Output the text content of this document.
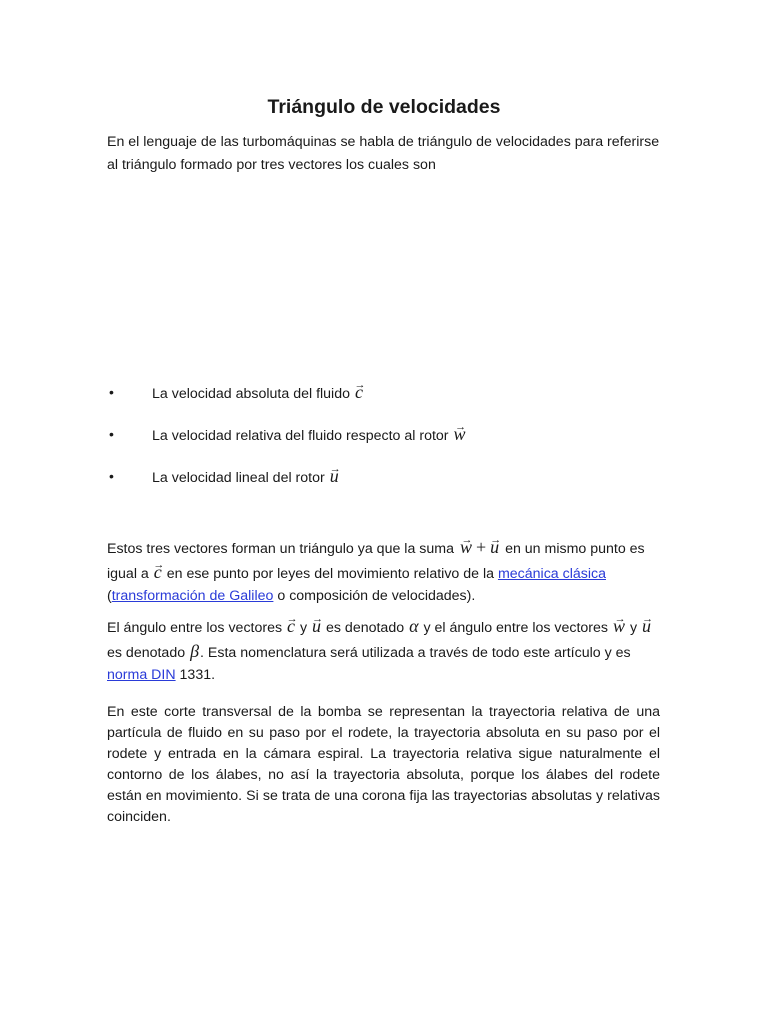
Triángulo de velocidades
En el lenguaje de las turbomáquinas se habla de triángulo de velocidades para referirse al triángulo formado por tres vectores los cuales son
•	La velocidad absoluta del fluido → c
•	La velocidad relativa del fluido respecto al rotor → w
•	La velocidad lineal del rotor → u
Estos tres vectores forman un triángulo ya que la suma → w + → u en un mismo punto es igual a → c en ese punto por leyes del movimiento relativo de la mecánica clásica (transformación de Galileo o composición de velocidades).
El ángulo entre los vectores → c y → u es denotado α y el ángulo entre los vectores → w y → u es denotado β. Esta nomenclatura será utilizada a través de todo este artículo y es norma DIN 1331.
En este corte transversal de la bomba se representan la trayectoria relativa de una partícula de fluido en su paso por el rodete, la trayectoria absoluta en su paso por el rodete y entrada en la cámara espiral. La trayectoria relativa sigue naturalmente el contorno de los álabes, no así la trayectoria absoluta, porque los álabes del rodete están en movimiento. Si se trata de una corona fija las trayectorias absolutas y relativas coinciden.
